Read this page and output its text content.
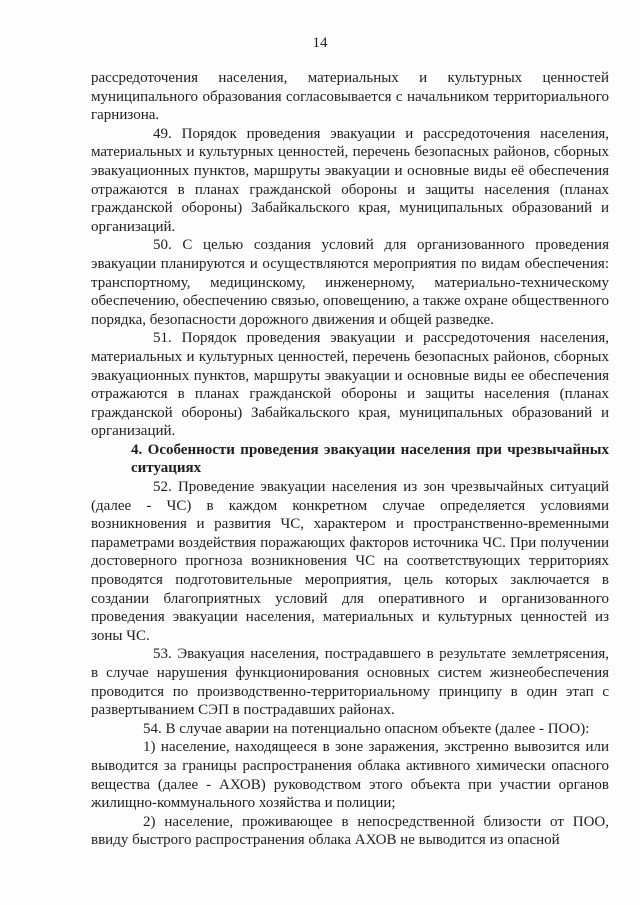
14

рассредоточения населения, материальных и культурных ценностей муниципального образования согласовывается с начальником территориального гарнизона.

49. Порядок проведения эвакуации и рассредоточения населения, материальных и культурных ценностей, перечень безопасных районов, сборных эвакуационных пунктов, маршруты эвакуации и основные виды её обеспечения отражаются в планах гражданской обороны и защиты населения (планах гражданской обороны) Забайкальского края, муниципальных образований и организаций.

50. С целью создания условий для организованного проведения эвакуации планируются и осуществляются мероприятия по видам обеспечения: транспортному, медицинскому, инженерному, материально-техническому обеспечению, обеспечению связью, оповещению, а также охране общественного порядка, безопасности дорожного движения и общей разведке.

51. Порядок проведения эвакуации и рассредоточения населения, материальных и культурных ценностей, перечень безопасных районов, сборных эвакуационных пунктов, маршруты эвакуации и основные виды ее обеспечения отражаются в планах гражданской обороны и защиты населения (планах гражданской обороны) Забайкальского края, муниципальных образований и организаций.

4. Особенности проведения эвакуации населения при чрезвычайных ситуациях

52. Проведение эвакуации населения из зон чрезвычайных ситуаций (далее - ЧС) в каждом конкретном случае определяется условиями возникновения и развития ЧС, характером и пространственно-временными параметрами воздействия поражающих факторов источника ЧС. При получении достоверного прогноза возникновения ЧС на соответствующих территориях проводятся подготовительные мероприятия, цель которых заключается в создании благоприятных условий для оперативного и организованного проведения эвакуации населения, материальных и культурных ценностей из зоны ЧС.

53. Эвакуация населения, пострадавшего в результате землетрясения, в случае нарушения функционирования основных систем жизнеобеспечения проводится по производственно-территориальному принципу в один этап с развертыванием СЭП в пострадавших районах.

54. В случае аварии на потенциально опасном объекте (далее - ПОО):

1) население, находящееся в зоне заражения, экстренно вывозится или выводится за границы распространения облака активного химически опасного вещества (далее - АХОВ) руководством этого объекта при участии органов жилищно-коммунального хозяйства и полиции;

2) население, проживающее в непосредственной близости от ПОО, ввиду быстрого распространения облака АХОВ не выводится из опасной
